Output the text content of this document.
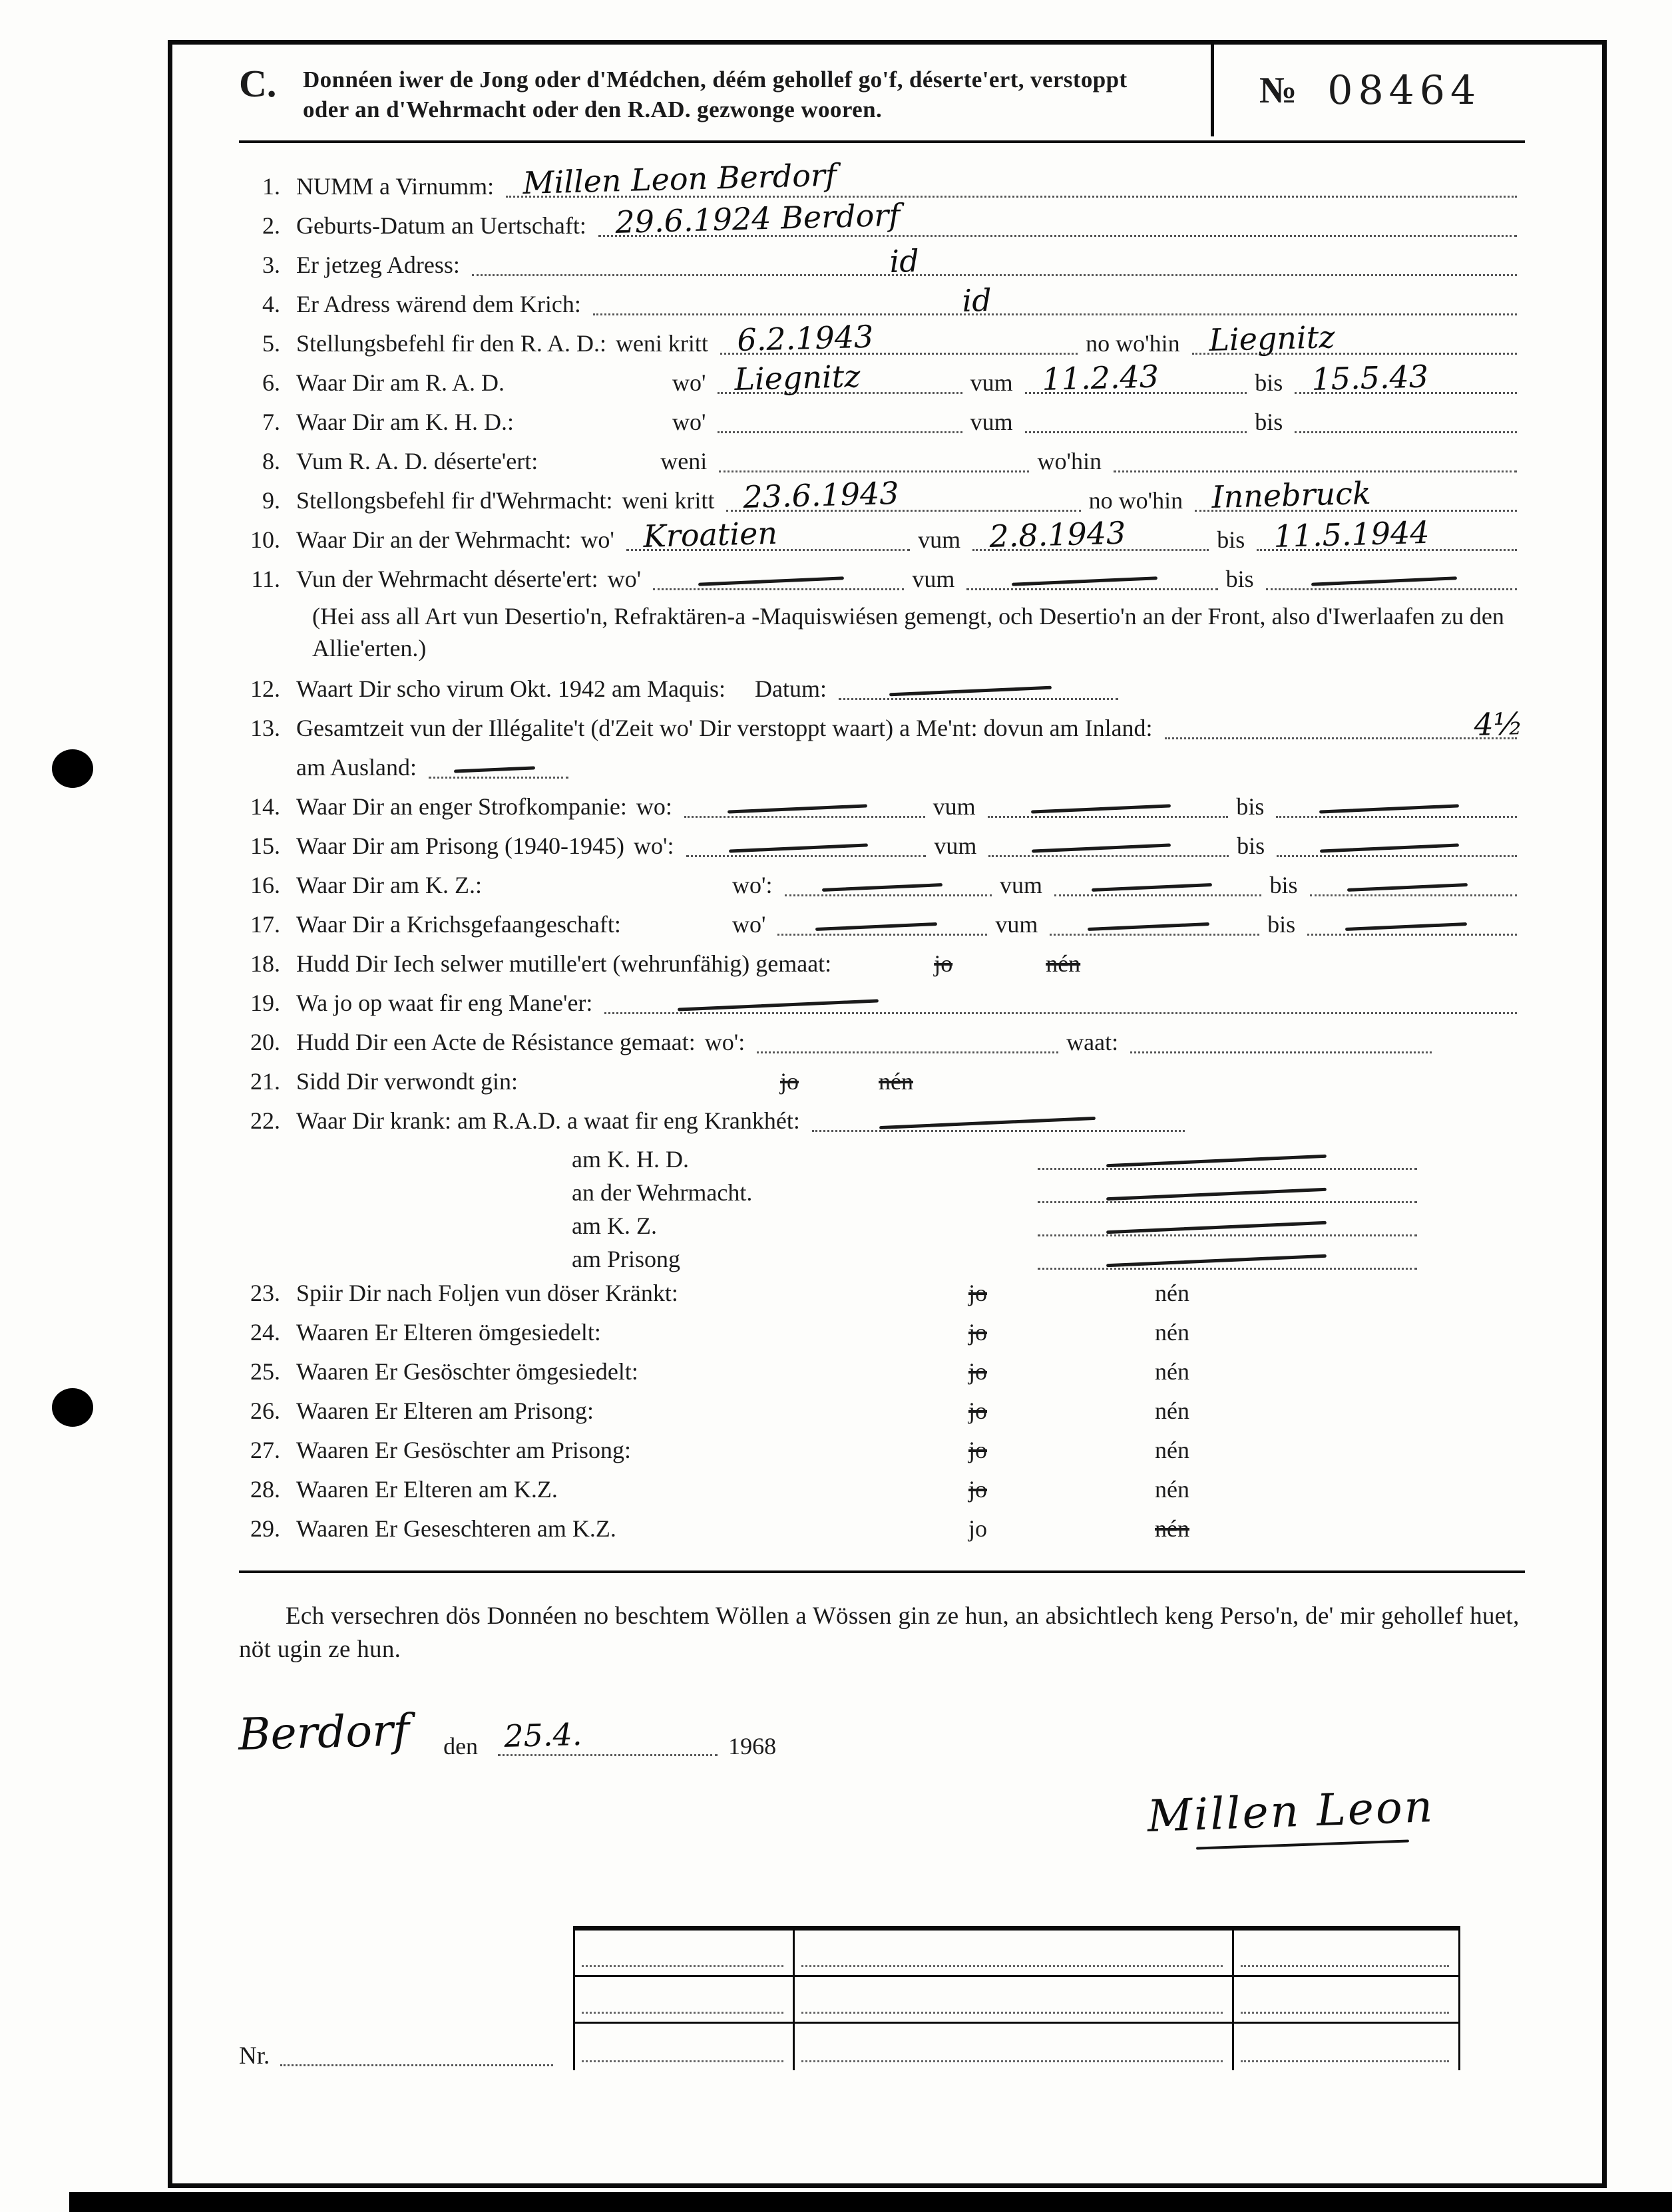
C.	Donnéen iwer de Jong oder d'Médchen, déém gehollef go'f, déserte'ert, verstoppt oder an d'Wehrmacht oder den R.AD. gezwonge wooren.	№ 08464
1. NUMM a Virnumm: Millen Leon Berdorf
2. Geburts-Datum an Uertschaft: 29.6.1924 Berdorf
3. Er jetzeg Adress:	id
4. Er Adress wärend dem Krich:	id
5. Stellungsbefehl fir den R. A. D.: weni kritt 6.2.1943	no wo'hin Liegnitz
6. Waar Dir am R. A. D.	wo' Liegnitz	vum 11.2.43	bis 15.5.43
7. Waar Dir am K. H. D.:	wo'	vum	bis
8. Vum R. A. D. déserte'ert:	weni	wo'hin
9. Stellongsbefehl fir d'Wehrmacht: weni kritt 23.6.1943	no wo'hin Innebruck
10. Waar Dir an der Wehrmacht: wo' Kroatien	vum 2.8.1943	bis 11.5.1944
11. Vun der Wehrmacht déserte'ert: wo'	vum	bis
(Hei ass all Art vun Desertio'n, Refraktären-a -Maquiswiésen gemengt, och Desertio'n an der Front, also d'Iwerlaafen zu den Allie'erten.)
12. Waart Dir scho virum Okt. 1942 am Maquis:	Datum:
13. Gesamtzeit vun der Illégalite't (d'Zeit wo' Dir verstoppt waart) a Me'nt: dovun am Inland:	4½
am Ausland:
14. Waar Dir an enger Strofkompanie: wo:	vum	bis
15. Waar Dir am Prisong (1940-1945) wo':	vum	bis
16. Waar Dir am K. Z.:	wo':	vum	bis
17. Waar Dir a Krichsgefaangeschaft:	wo'	vum	bis
18. Hudd Dir Iech selwer mutille'ert (wehrunfähig) gemaat:	jo	nén
19. Wa jo op waat fir eng Mane'er:
20. Hudd Dir een Acte de Résistance gemaat: wo':	waat:
21. Sidd Dir verwondt gin:	jo	nén
22. Waar Dir krank: am R.A.D. a waat fir eng Krankhét:
am K. H. D.
an der Wehrmacht.
am K. Z.
am Prisong
23. Spiir Dir nach Foljen vun döser Kränkt:	jo	nén
24. Waaren Er Elteren ömgesiedelt:	jo	nén
25. Waaren Er Gesöschter ömgesiedelt:	jo	nén
26. Waaren Er Elteren am Prisong:	jo	nén
27. Waaren Er Gesöschter am Prisong:	jo	nén
28. Waaren Er Elteren am K.Z.	jo	nén
29. Waaren Er Geseschteren am K.Z.	jo	nén
Ech versechren dös Donnéen no beschtem Wöllen a Wössen gin ze hun, an absichtlech keng Perso'n, de' mir gehollef huet, nöt ugin ze hun.
Berdorf den 25.4.	1968
Millen Leon
Nr.
